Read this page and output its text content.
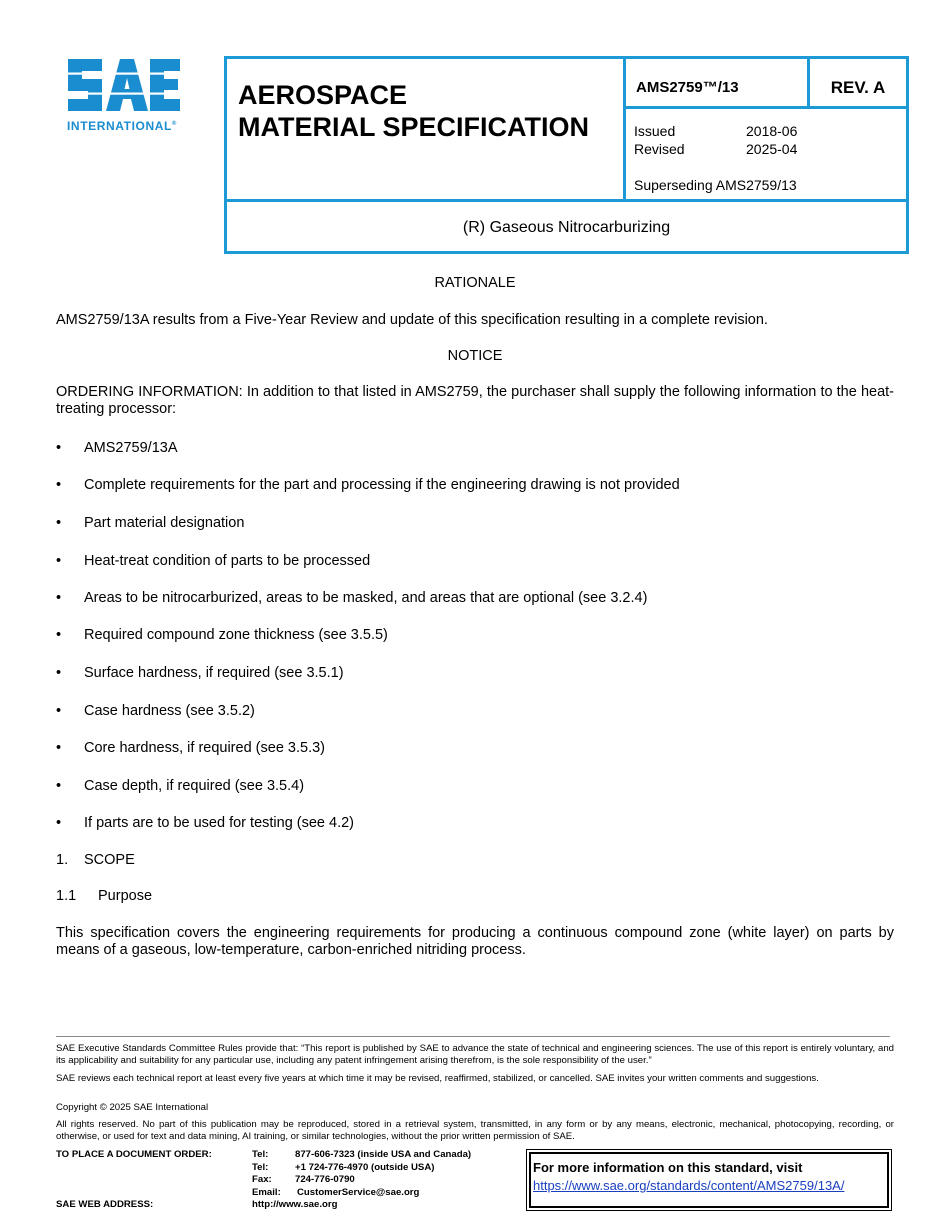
INTERNATIONAL®
AEROSPACE
MATERIAL SPECIFICATION
AMS2759™/13	REV. A
Issued	2018-06
Revised	2025-04
Superseding AMS2759/13
(R) Gaseous Nitrocarburizing
RATIONALE
AMS2759/13A results from a Five-Year Review and update of this specification resulting in a complete revision.
NOTICE
ORDERING INFORMATION: In addition to that listed in AMS2759, the purchaser shall supply the following information to the heat-treating processor:
• AMS2759/13A
• Complete requirements for the part and processing if the engineering drawing is not provided
• Part material designation
• Heat-treat condition of parts to be processed
• Areas to be nitrocarburized, areas to be masked, and areas that are optional (see 3.2.4)
• Required compound zone thickness (see 3.5.5)
• Surface hardness, if required (see 3.5.1)
• Case hardness (see 3.5.2)
• Core hardness, if required (see 3.5.3)
• Case depth, if required (see 3.5.4)
• If parts are to be used for testing (see 4.2)
1. SCOPE
1.1 Purpose
This specification covers the engineering requirements for producing a continuous compound zone (white layer) on parts by means of a gaseous, low-temperature, carbon-enriched nitriding process.
SAE Executive Standards Committee Rules provide that: “This report is published by SAE to advance the state of technical and engineering sciences. The use of this report is entirely voluntary, and its applicability and suitability for any particular use, including any patent infringement arising therefrom, is the sole responsibility of the user.”
SAE reviews each technical report at least every five years at which time it may be revised, reaffirmed, stabilized, or cancelled. SAE invites your written comments and suggestions.
Copyright © 2025 SAE International
All rights reserved. No part of this publication may be reproduced, stored in a retrieval system, transmitted, in any form or by any means, electronic, mechanical, photocopying, recording, or otherwise, or used for text and data mining, AI training, or similar technologies, without the prior written permission of SAE.
TO PLACE A DOCUMENT ORDER:	Tel:	877-606-7323 (inside USA and Canada)
Tel:	+1 724-776-4970 (outside USA)
Fax: 724-776-0790
Email: CustomerService@sae.org
SAE WEB ADDRESS:	http://www.sae.org
For more information on this standard, visit
https://www.sae.org/standards/content/AMS2759/13A/
